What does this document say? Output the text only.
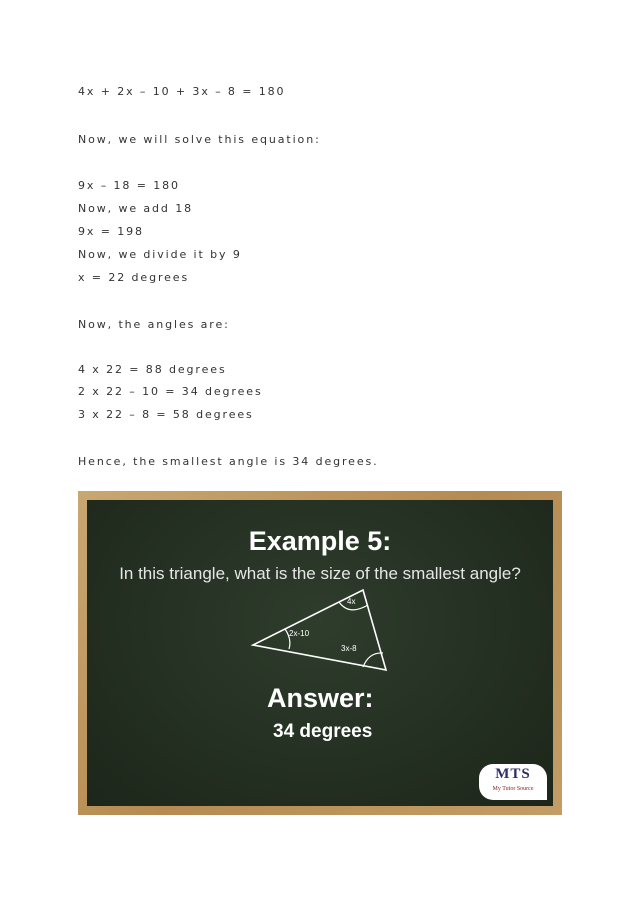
4x + 2x – 10 + 3x – 8 = 180
Now, we will solve this equation:
9x – 18 = 180
Now, we add 18
9x = 198
Now, we divide it by 9
x = 22 degrees
Now, the angles are:
4 x 22 = 88 degrees
2 x 22 – 10 = 34 degrees
3 x 22 – 8 = 58 degrees
Hence, the smallest angle is 34 degrees.
Example 5:
In this triangle, what is the size of the smallest angle?
4x
2x-10
3x-8
Answer:
34 degrees
MTS
My Tutor Source
